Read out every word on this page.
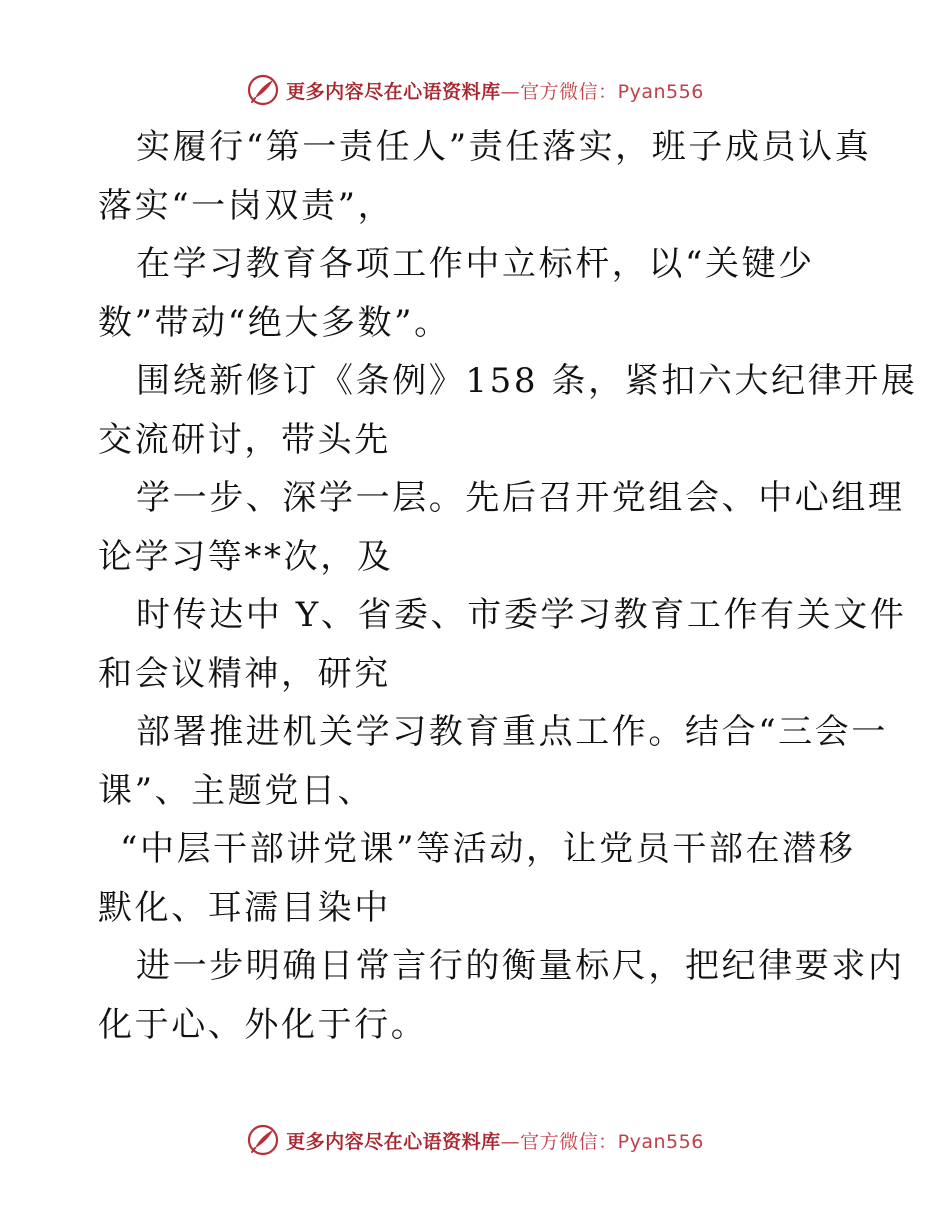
更多内容尽在心语资料库—官方微信：Pyan556
实履行“第一责任人”责任落实，班子成员认真
落实“一岗双责”，
在学习教育各项工作中立标杆，以“关键少
数”带动“绝大多数”。
围绕新修订《条例》158 条，紧扣六大纪律开展
交流研讨，带头先
学一步、深学一层。先后召开党组会、中心组理
论学习等**次，及
时传达中 Y、省委、市委学习教育工作有关文件
和会议精神，研究
部署推进机关学习教育重点工作。结合“三会一
课”、主题党日、
“中层干部讲党课”等活动，让党员干部在潜移
默化、耳濡目染中
进一步明确日常言行的衡量标尺，把纪律要求内
化于心、外化于行。
更多内容尽在心语资料库—官方微信：Pyan556
